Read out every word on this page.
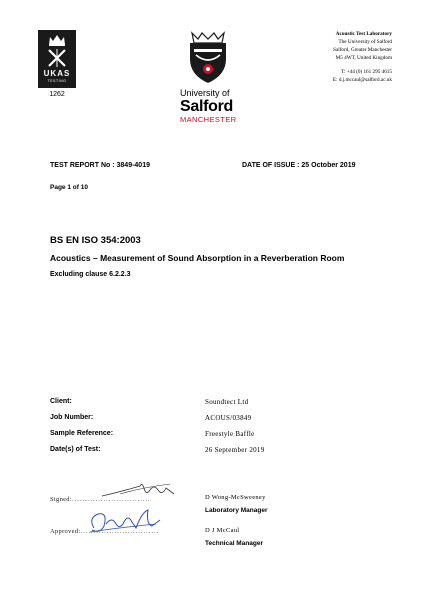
UKAS
TESTING
1262	University of
Salford
MANCHESTER
Acoustic Test Laboratory
The University of Salford
Salford, Greater Manchester
M5 4WT, United Kingdom
T: +44 (0) 161 295 4615
E: d.j.mccaul@salford.ac.uk
TEST REPORT No : 3849-4019	DATE OF ISSUE : 25 October 2019
Page 1 of 10
BS EN ISO 354:2003
Acoustics – Measurement of Sound Absorption in a Reverberation Room
Excluding clause 6.2.2.3
Client:	Soundtect Ltd
Job Number:	ACOUS/03849
Sample Reference:	Freestyle Baffle
Date(s) of Test:	26 September 2019
Signed:..............................	D Wong-McSweeney
Laboratory Manager
Approved:..............................	D J McCaul
Technical Manager
